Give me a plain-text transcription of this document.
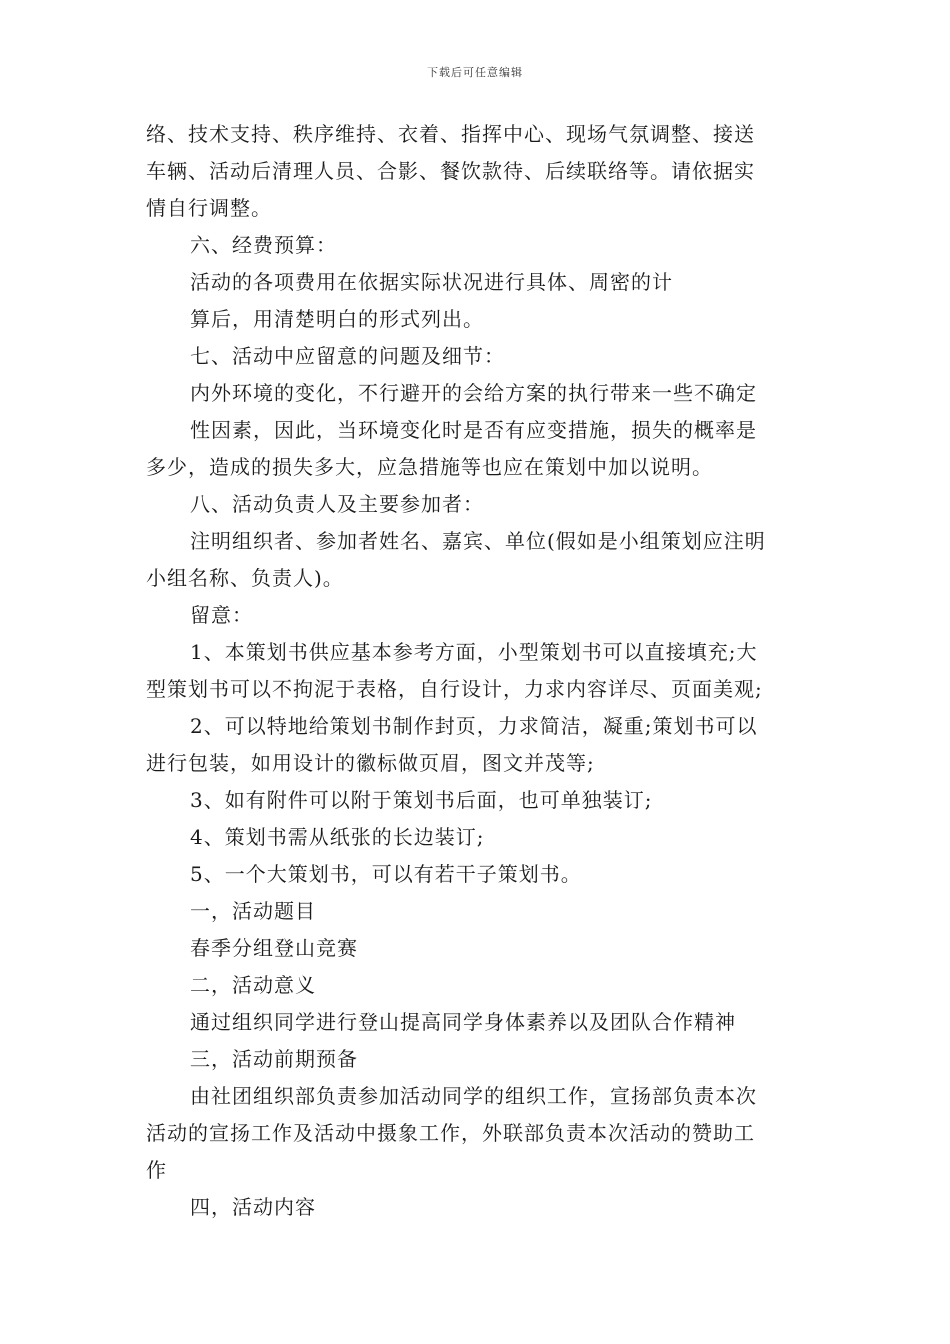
下载后可任意编辑
络、技术支持、秩序维持、衣着、指挥中心、现场气氛调整、接送
车辆、活动后清理人员、合影、餐饮款待、后续联络等。请依据实
情自行调整。
六、经费预算：
活动的各项费用在依据实际状况进行具体、周密的计
算后，用清楚明白的形式列出。
七、活动中应留意的问题及细节：
内外环境的变化，不行避开的会给方案的执行带来一些不确定
性因素，因此，当环境变化时是否有应变措施，损失的概率是
多少，造成的损失多大，应急措施等也应在策划中加以说明。
八、活动负责人及主要参加者：
注明组织者、参加者姓名、嘉宾、单位(假如是小组策划应注明
小组名称、负责人)。
留意：
1、本策划书供应基本参考方面，小型策划书可以直接填充;大
型策划书可以不拘泥于表格，自行设计，力求内容详尽、页面美观;
2、可以特地给策划书制作封页，力求简洁，凝重;策划书可以
进行包装，如用设计的徽标做页眉，图文并茂等;
3、如有附件可以附于策划书后面，也可单独装订;
4、策划书需从纸张的长边装订;
5、一个大策划书，可以有若干子策划书。
一，活动题目
春季分组登山竞赛
二，活动意义
通过组织同学进行登山提高同学身体素养以及团队合作精神
三，活动前期预备
由社团组织部负责参加活动同学的组织工作，宣扬部负责本次
活动的宣扬工作及活动中摄象工作，外联部负责本次活动的赞助工
作
四，活动内容
